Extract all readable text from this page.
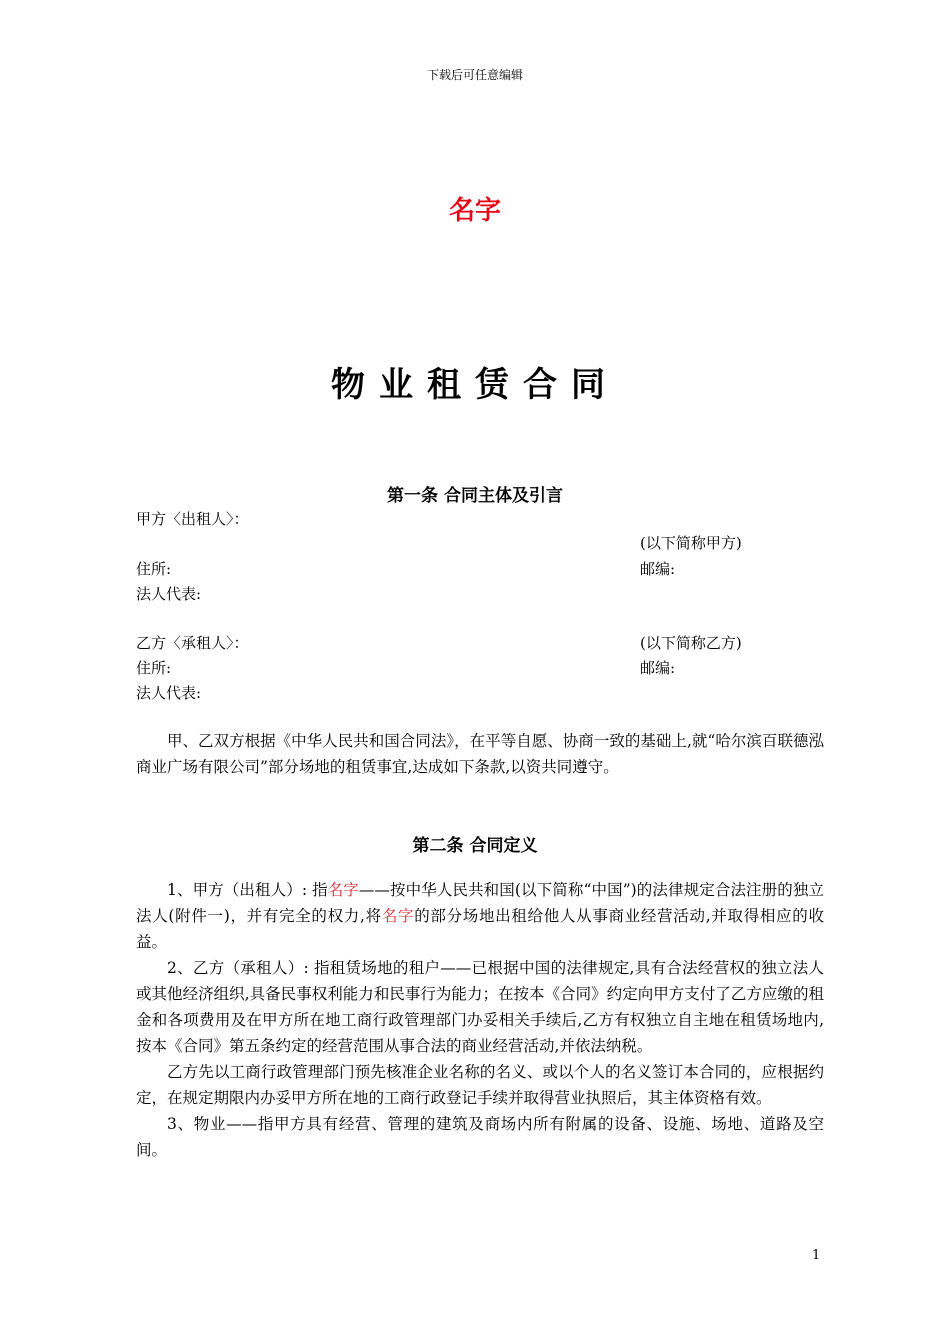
下载后可任意编辑
名字
物业租赁合同
第一条 合同主体及引言
甲方〈出租人〉：
(以下简称甲方)
住所:	邮编:
法人代表:
乙方〈承租人〉：	(以下简称乙方)
住所:	邮编:
法人代表:

甲、乙双方根据《中华人民共和国合同法》，在平等自愿、协商一致的基础上,就“哈尔滨百联德泓商业广场有限公司”部分场地的租赁事宜,达成如下条款,以资共同遵守。

第二条 合同定义

1、甲方（出租人）: 指名字——按中华人民共和国(以下简称“中国”)的法律规定合法注册的独立法人(附件一)，并有完全的权力,将名字的部分场地出租给他人从事商业经营活动,并取得相应的收益。

2、乙方（承租人）: 指租赁场地的租户——已根据中国的法律规定,具有合法经营权的独立法人或其他经济组织,具备民事权利能力和民事行为能力；在按本《合同》约定向甲方支付了乙方应缴的租金和各项费用及在甲方所在地工商行政管理部门办妥相关手续后,乙方有权独立自主地在租赁场地内,按本《合同》第五条约定的经营范围从事合法的商业经营活动,并依法纳税。

乙方先以工商行政管理部门预先核准企业名称的名义、或以个人的名义签订本合同的，应根据约定，在规定期限内办妥甲方所在地的工商行政登记手续并取得营业执照后，其主体资格有效。

3、物业——指甲方具有经营、管理的建筑及商场内所有附属的设备、设施、场地、道路及空间。

1
